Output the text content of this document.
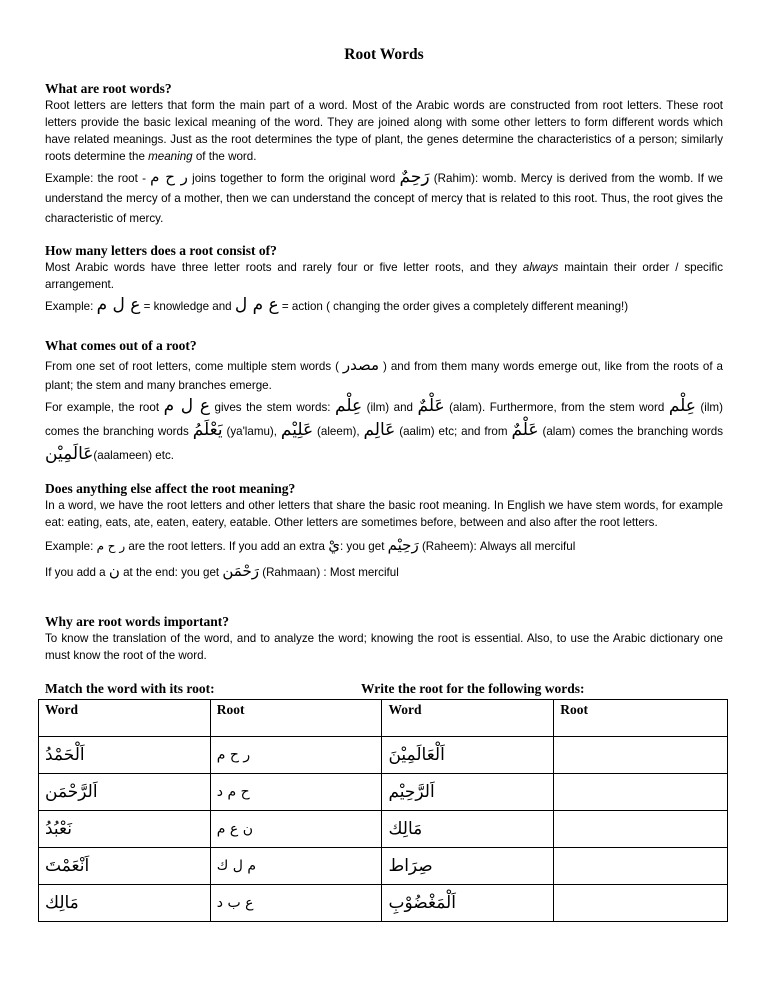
Root Words
What are root words?

Root letters are letters that form the main part of a word. Most of the Arabic words are constructed from root letters. These root letters provide the basic lexical meaning of the word. They are joined along with some other letters to form different words which have related meanings. Just as the root determines the type of plant, the genes determine the characteristics of a person; similarly roots determine the meaning of the word.

Example: the root - ر ح م joins together to form the original word رَحِمٌ (Rahim): womb. Mercy is derived from the womb. If we understand the mercy of a mother, then we can understand the concept of mercy that is related to this root. Thus, the root gives the characteristic of mercy.

How many letters does a root consist of?

Most Arabic words have three letter roots and rarely four or five letter roots, and they always maintain their order / specific arrangement.

Example: ع ل م = knowledge and ع م ل = action ( changing the order gives a completely different meaning!)

What comes out of a root?

From one set of root letters, come multiple stem words ( مصدر ) and from them many words emerge out, like from the roots of a plant; the stem and many branches emerge.

For example, the root ع ل م gives the stem words: عِلْم (ilm) and عَلْمٌ (alam). Furthermore, from the stem word عِلْم (ilm) comes the branching words يَعْلَمُ (ya'lamu), عَلِيْم (aleem), عَالِم (aalim) etc; and from عَلْمٌ (alam) comes the branching words عَالَمِيْن(aalameen) etc.

Does anything else affect the root meaning?

In a word, we have the root letters and other letters that share the basic root meaning. In English we have stem words, for example eat: eating, eats, ate, eaten, eatery, eatable. Other letters are sometimes before, between and also after the root letters.

Example: ر ح م are the root letters. If you add an extra يْ: you get رَحِيْم (Raheem): Always all merciful

If you add a ن at the end: you get رَحْمَن (Rahmaan) : Most merciful

Why are root words important?

To know the translation of the word, and to analyze the word; knowing the root is essential. Also, to use the Arabic dictionary one must know the root of the word.

Match the word with its root:	Write the root for the following words:
Word	Root	Word	Root
اَلْحَمْدُ	ر ح م	اَلْعَالَمِيْنَ	
اَلرَّحْمَن	ح م د	اَلرَّحِيْم	
نَعْبُدُ	ن ع م	مَالِك	
اَنْعَمْتَ	م ل ك	صِرَاط	
مَالِك	ع ب د	اَلْمَغْضُوْبِ	
